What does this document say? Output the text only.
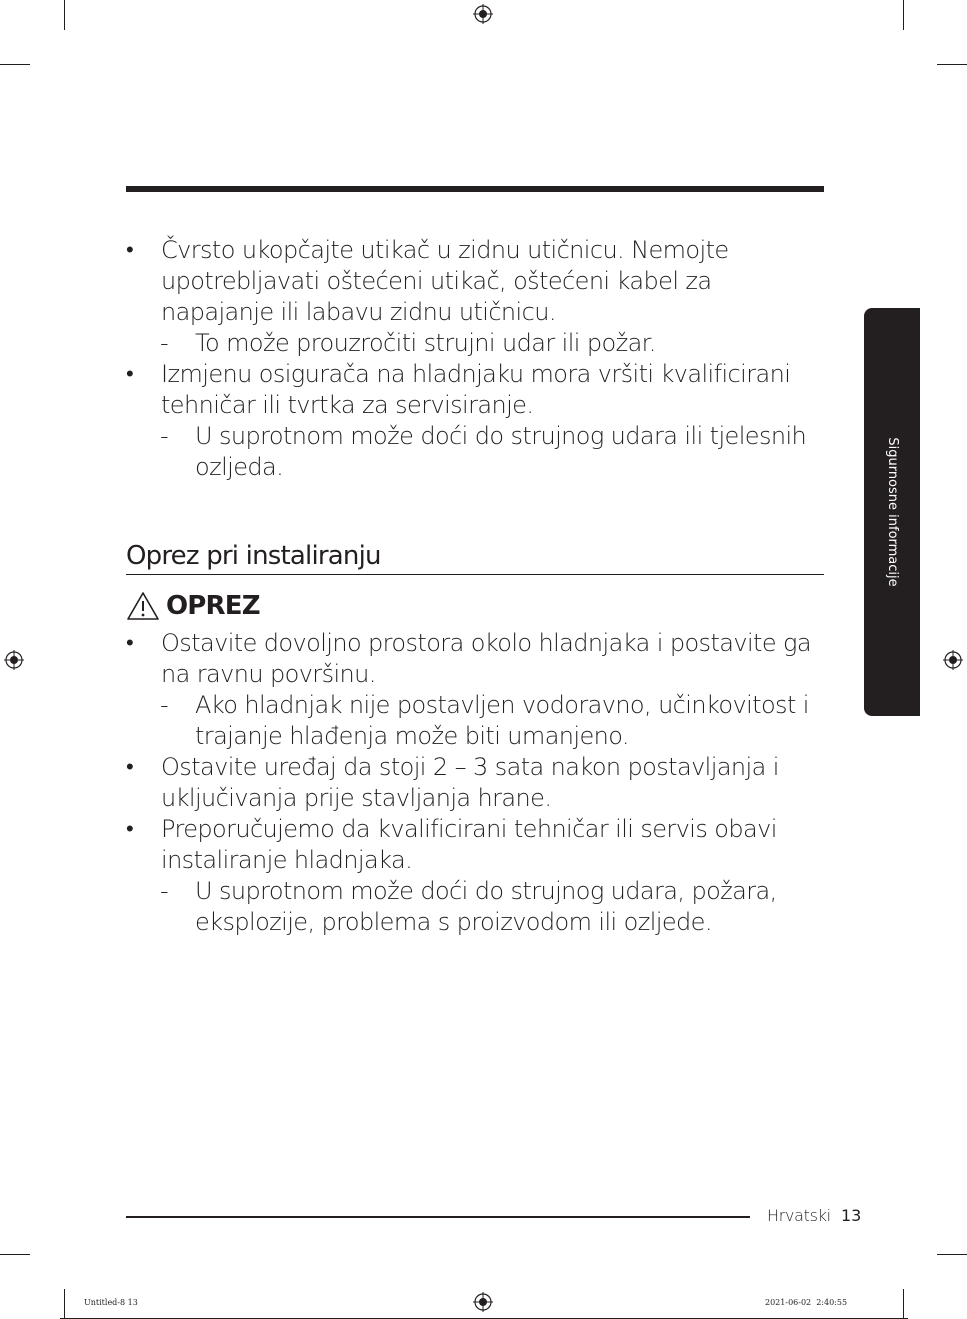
Sigurnosne informacije
• Čvrsto ukopčajte utikač u zidnu utičnicu. Nemojte upotrebljavati oštećeni utikač, oštećeni kabel za napajanje ili labavu zidnu utičnicu.
- To može prouzročiti strujni udar ili požar.
• Izmjenu osigurača na hladnjaku mora vršiti kvalificirani tehničar ili tvrtka za servisiranje.
- U suprotnom može doći do strujnog udara ili tjelesnih ozljeda.
Oprez pri instaliranju
OPREZ
• Ostavite dovoljno prostora okolo hladnjaka i postavite ga na ravnu površinu.
- Ako hladnjak nije postavljen vodoravno, učinkovitost i trajanje hlađenja može biti umanjeno.
• Ostavite uređaj da stoji 2 – 3 sata nakon postavljanja i uključivanja prije stavljanja hrane.
• Preporučujemo da kvalificirani tehničar ili servis obavi instaliranje hladnjaka.
- U suprotnom može doći do strujnog udara, požara, eksplozije, problema s proizvodom ili ozljede.
Hrvatski 13
Untitled-8 13	2021-06-02 ￼￼ 2:40:55
